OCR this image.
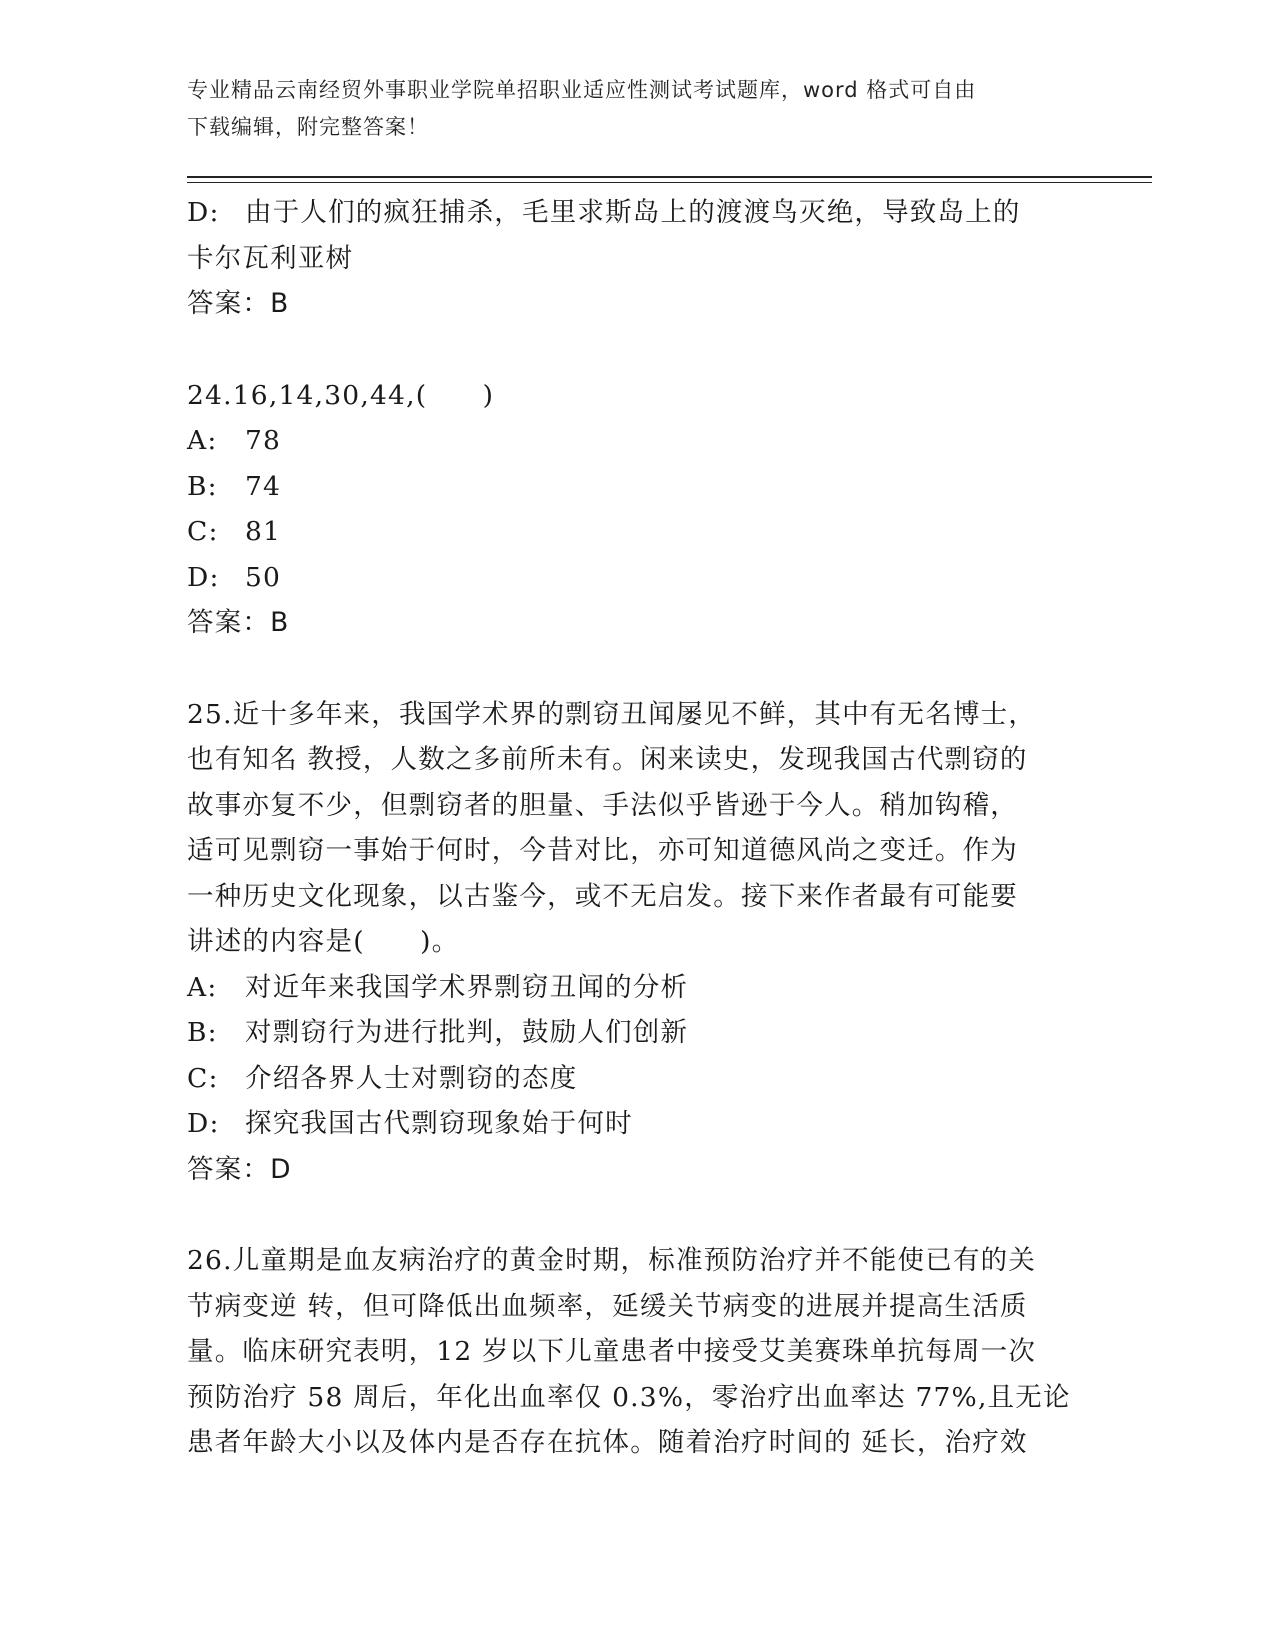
专业精品云南经贸外事职业学院单招职业适应性测试考试题库，word 格式可自由

下载编辑，附完整答案！

D: 由于人们的疯狂捕杀，毛里求斯岛上的渡渡鸟灭绝，导致岛上的

卡尔瓦利亚树

答案：B

24.16,14,30,44,(　　)

A: 78

B: 74

C: 81

D: 50

答案：B

25.近十多年来，我国学术界的剽窃丑闻屡见不鲜，其中有无名博士，

也有知名 教授，人数之多前所未有。闲来读史，发现我国古代剽窃的

故事亦复不少，但剽窃者的胆量、手法似乎皆逊于今人。稍加钩稽，

适可见剽窃一事始于何时，今昔对比，亦可知道德风尚之变迁。作为

一种历史文化现象，以古鉴今，或不无启发。接下来作者最有可能要

讲述的内容是(　　)。

A: 对近年来我国学术界剽窃丑闻的分析

B: 对剽窃行为进行批判，鼓励人们创新

C: 介绍各界人士对剽窃的态度

D: 探究我国古代剽窃现象始于何时

答案：D

26.儿童期是血友病治疗的黄金时期，标准预防治疗并不能使已有的关

节病变逆 转，但可降低出血频率，延缓关节病变的进展并提高生活质

量。临床研究表明，12 岁以下儿童患者中接受艾美赛珠单抗每周一次

预防治疗 58 周后，年化出血率仅 0.3%，零治疗出血率达 77%,且无论

患者年龄大小以及体内是否存在抗体。随着治疗时间的 延长，治疗效
